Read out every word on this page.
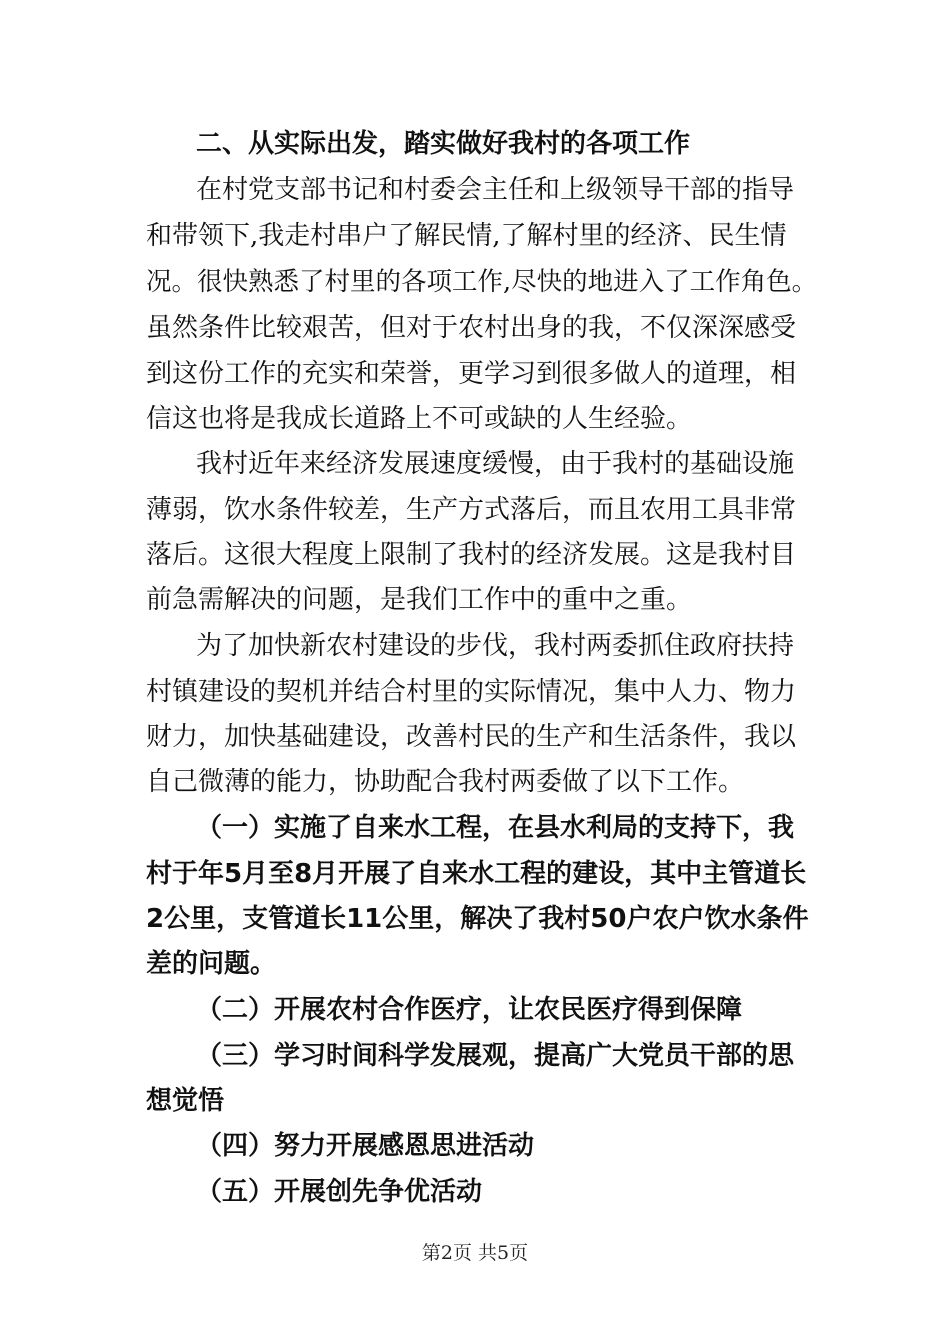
二、从实际出发，踏实做好我村的各项工作
在村党支部书记和村委会主任和上级领导干部的指导
和带领下,我走村串户了解民情,了解村里的经济、民生情
况。很快熟悉了村里的各项工作,尽快的地进入了工作角色。
虽然条件比较艰苦，但对于农村出身的我，不仅深深感受
到这份工作的充实和荣誉，更学习到很多做人的道理，相
信这也将是我成长道路上不可或缺的人生经验。
我村近年来经济发展速度缓慢，由于我村的基础设施
薄弱，饮水条件较差，生产方式落后，而且农用工具非常
落后。这很大程度上限制了我村的经济发展。这是我村目
前急需解决的问题，是我们工作中的重中之重。
为了加快新农村建设的步伐，我村两委抓住政府扶持
村镇建设的契机并结合村里的实际情况，集中人力、物力
财力，加快基础建设，改善村民的生产和生活条件，我以
自己微薄的能力，协助配合我村两委做了以下工作。
（一）实施了自来水工程，在县水利局的支持下，我
村于年5月至8月开展了自来水工程的建设，其中主管道长
2公里，支管道长11公里，解决了我村50户农户饮水条件
差的问题。
（二）开展农村合作医疗，让农民医疗得到保障
（三）学习时间科学发展观，提高广大党员干部的思
想觉悟
（四）努力开展感恩思进活动
（五）开展创先争优活动
第2页 共5页
